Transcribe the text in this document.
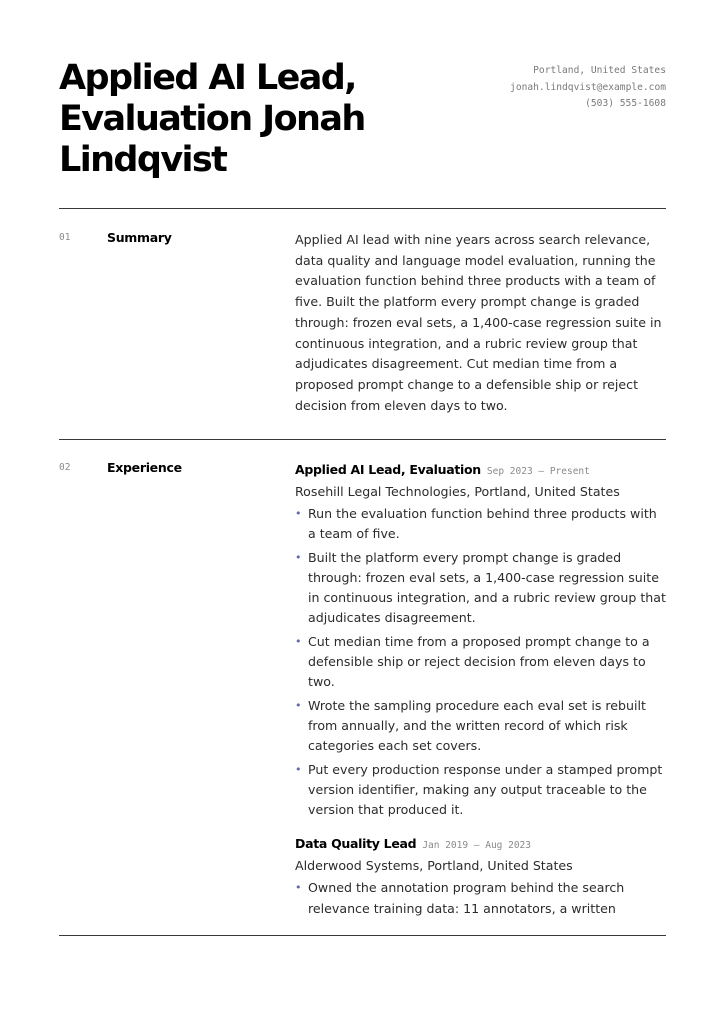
Applied AI Lead, Evaluation Jonah Lindqvist
Portland, United States
jonah.lindqvist@example.com
(503) 555-1608
01	Summary	Applied AI lead with nine years across search relevance, data quality and language model evaluation, running the evaluation function behind three products with a team of five. Built the platform every prompt change is graded through: frozen eval sets, a 1,400-case regression suite in continuous integration, and a rubric review group that adjudicates disagreement. Cut median time from a proposed prompt change to a defensible ship or reject decision from eleven days to two.

02	Experience	Applied AI Lead, Evaluation Sep 2023 — Present
Rosehill Legal Technologies, Portland, United States
• Run the evaluation function behind three products with a team of five.
• Built the platform every prompt change is graded through: frozen eval sets, a 1,400-case regression suite in continuous integration, and a rubric review group that adjudicates disagreement.
• Cut median time from a proposed prompt change to a defensible ship or reject decision from eleven days to two.
• Wrote the sampling procedure each eval set is rebuilt from annually, and the written record of which risk categories each set covers.
• Put every production response under a stamped prompt version identifier, making any output traceable to the version that produced it.
Data Quality Lead Jan 2019 — Aug 2023
Alderwood Systems, Portland, United States
• Owned the annotation program behind the search relevance training data: 11 annotators, a written
